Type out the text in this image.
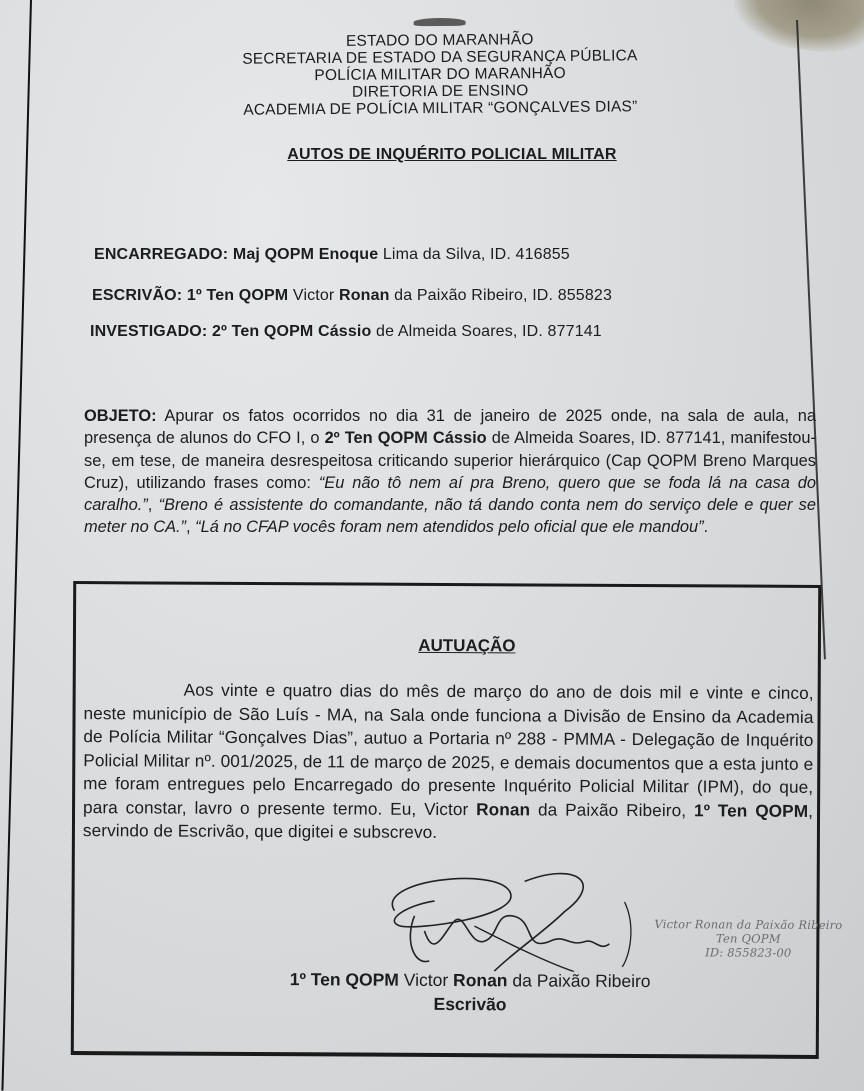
ESTADO DO MARANHÃO
SECRETARIA DE ESTADO DA SEGURANÇA PÚBLICA
POLÍCIA MILITAR DO MARANHÃO
DIRETORIA DE ENSINO
ACADEMIA DE POLÍCIA MILITAR “GONÇALVES DIAS”
AUTOS DE INQUÉRITO POLICIAL MILITAR
ENCARREGADO: Maj QOPM Enoque Lima da Silva, ID. 416855
ESCRIVÃO: 1º Ten QOPM Victor Ronan da Paixão Ribeiro, ID. 855823
INVESTIGADO: 2º Ten QOPM Cássio de Almeida Soares, ID. 877141
OBJETO: Apurar os fatos ocorridos no dia 31 de janeiro de 2025 onde, na sala de aula, na presença de alunos do CFO I, o 2º Ten QOPM Cássio de Almeida Soares, ID. 877141, manifestou-se, em tese, de maneira desrespeitosa criticando superior hierárquico (Cap QOPM Breno Marques Cruz), utilizando frases como: “Eu não tô nem aí pra Breno, quero que se foda lá na casa do caralho.”, “Breno é assistente do comandante, não tá dando conta nem do serviço dele e quer se meter no CA.”, “Lá no CFAP vocês foram nem atendidos pelo oficial que ele mandou”.
AUTUAÇÃO
Aos vinte e quatro dias do mês de março do ano de dois mil e vinte e cinco, neste município de São Luís - MA, na Sala onde funciona a Divisão de Ensino da Academia de Polícia Militar “Gonçalves Dias”, autuo a Portaria nº 288 - PMMA - Delegação de Inquérito Policial Militar nº. 001/2025, de 11 de março de 2025, e demais documentos que a esta junto e me foram entregues pelo Encarregado do presente Inquérito Policial Militar (IPM), do que, para constar, lavro o presente termo. Eu, Victor Ronan da Paixão Ribeiro, 1º Ten QOPM, servindo de Escrivão, que digitei e subscrevo.
Victor Ronan da Paixão Ribeiro
Ten QOPM
ID: 855823-00
1º Ten QOPM Victor Ronan da Paixão Ribeiro
Escrivão
